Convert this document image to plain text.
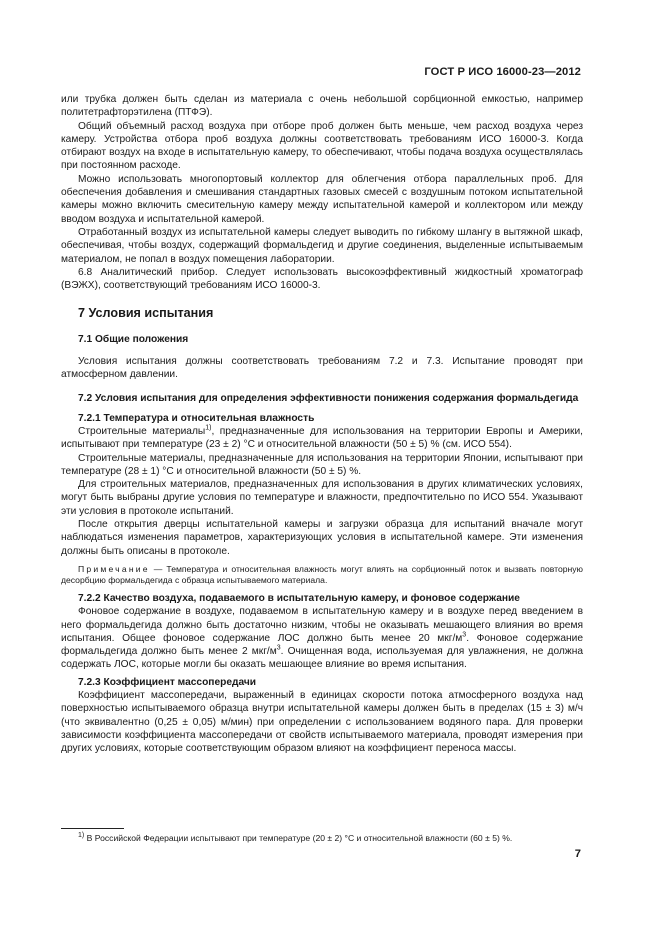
ГОСТ Р ИСО 16000-23—2012

или трубка должен быть сделан из материала с очень небольшой сорбционной емкостью, например политетрафторэтилена (ПТФЭ).

Общий объемный расход воздуха при отборе проб должен быть меньше, чем расход воздуха через камеру. Устройства отбора проб воздуха должны соответствовать требованиям ИСО 16000-3. Когда отбирают воздух на входе в испытательную камеру, то обеспечивают, чтобы подача воздуха осуществлялась при постоянном расходе.

Можно использовать многопортовый коллектор для облегчения отбора параллельных проб. Для обеспечения добавления и смешивания стандартных газовых смесей с воздушным потоком испытательной камеры можно включить смесительную камеру между испытательной камерой и коллектором или между вводом воздуха и испытательной камерой.

Отработанный воздух из испытательной камеры следует выводить по гибкому шлангу в вытяжной шкаф, обеспечивая, чтобы воздух, содержащий формальдегид и другие соединения, выделенные испытываемым материалом, не попал в воздух помещения лаборатории.

6.8 Аналитический прибор. Следует использовать высокоэффективный жидкостный хроматограф (ВЭЖХ), соответствующий требованиям ИСО 16000-3.

7 Условия испытания

7.1 Общие положения

Условия испытания должны соответствовать требованиям 7.2 и 7.3. Испытание проводят при атмосферном давлении.

7.2 Условия испытания для определения эффективности понижения содержания формальдегида

7.2.1 Температура и относительная влажность

Строительные материалы$^{1)}$, предназначенные для использования на территории Европы и Америки, испытывают при температуре (23 ± 2) °С и относительной влажности (50 ± 5) % (см. ИСО 554).

Строительные материалы, предназначенные для использования на территории Японии, испытывают при температуре (28 ± 1) °С и относительной влажности (50 ± 5) %.

Для строительных материалов, предназначенных для использования в других климатических условиях, могут быть выбраны другие условия по температуре и влажности, предпочтительно по ИСО 554. Указывают эти условия в протоколе испытаний.

После открытия дверцы испытательной камеры и загрузки образца для испытаний вначале могут наблюдаться изменения параметров, характеризующих условия в испытательной камере. Эти изменения должны быть описаны в протоколе.

Примечание — Температура и относительная влажность могут влиять на сорбционный поток и вызвать повторную десорбцию формальдегида с образца испытываемого материала.

7.2.2 Качество воздуха, подаваемого в испытательную камеру, и фоновое содержание

Фоновое содержание в воздухе, подаваемом в испытательную камеру и в воздухе перед введением в него формальдегида должно быть достаточно низким, чтобы не оказывать мешающего влияния во время испытания. Общее фоновое содержание ЛОС должно быть менее 20 мкг/$м^3$. Фоновое содержание формальдегида должно быть менее 2 мкг/$м^3$. Очищенная вода, используемая для увлажнения, не должна содержать ЛОС, которые могли бы оказать мешающее влияние во время испытания.

7.2.3 Коэффициент массопередачи

Коэффициент массопередачи, выраженный в единицах скорости потока атмосферного воздуха над поверхностью испытываемого образца внутри испытательной камеры должен быть в пределах (15 ± 3) м/ч (что эквивалентно (0,25 ± 0,05) м/мин) при определении с использованием водяного пара. Для проверки зависимости коэффициента массопередачи от свойств испытываемого материала, проводят измерения при других условиях, которые соответствующим образом влияют на коэффициент переноса массы.

$^{1)}$ В Российской Федерации испытывают при температуре (20 ± 2) °С и относительной влажности (60 ± 5) %.
7
